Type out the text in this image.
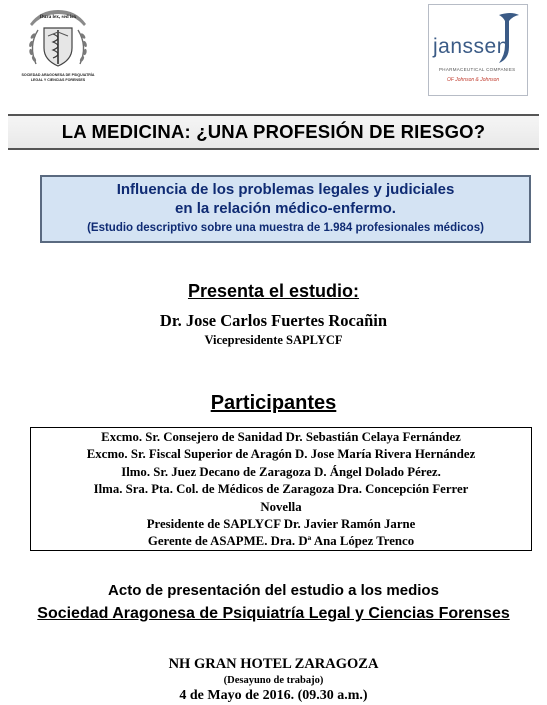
Dura lex, sed lex
SOCIEDAD ARAGONESA DE PSIQUIATRÍA
LEGAL Y CIENCIAS FORENSES
janssen
PHARMACEUTICAL COMPANIES
OF Johnson & Johnson
LA MEDICINA: ¿UNA PROFESIÓN DE RIESGO?
Influencia de los problemas legales y judiciales
en la relación médico-enfermo.
(Estudio descriptivo sobre una muestra de 1.984 profesionales médicos)
Presenta el estudio:
Dr. Jose Carlos Fuertes Rocañin
Vicepresidente SAPLYCF
Participantes
Excmo. Sr. Consejero de Sanidad Dr. Sebastián Celaya Fernández
Excmo. Sr. Fiscal Superior de Aragón D. Jose María Rivera Hernández
Ilmo. Sr. Juez Decano de Zaragoza D. Ángel Dolado Pérez.
Ilma. Sra. Pta. Col. de Médicos de Zaragoza Dra. Concepción Ferrer
Novella
Presidente de SAPLYCF Dr. Javier Ramón Jarne
Gerente de ASAPME. Dra. Dª Ana López Trenco
Acto de presentación del estudio a los medios
Sociedad Aragonesa de Psiquiatría Legal y Ciencias Forenses
NH GRAN HOTEL ZARAGOZA
(Desayuno de trabajo)
4 de Mayo de 2016. (09.30 a.m.)
